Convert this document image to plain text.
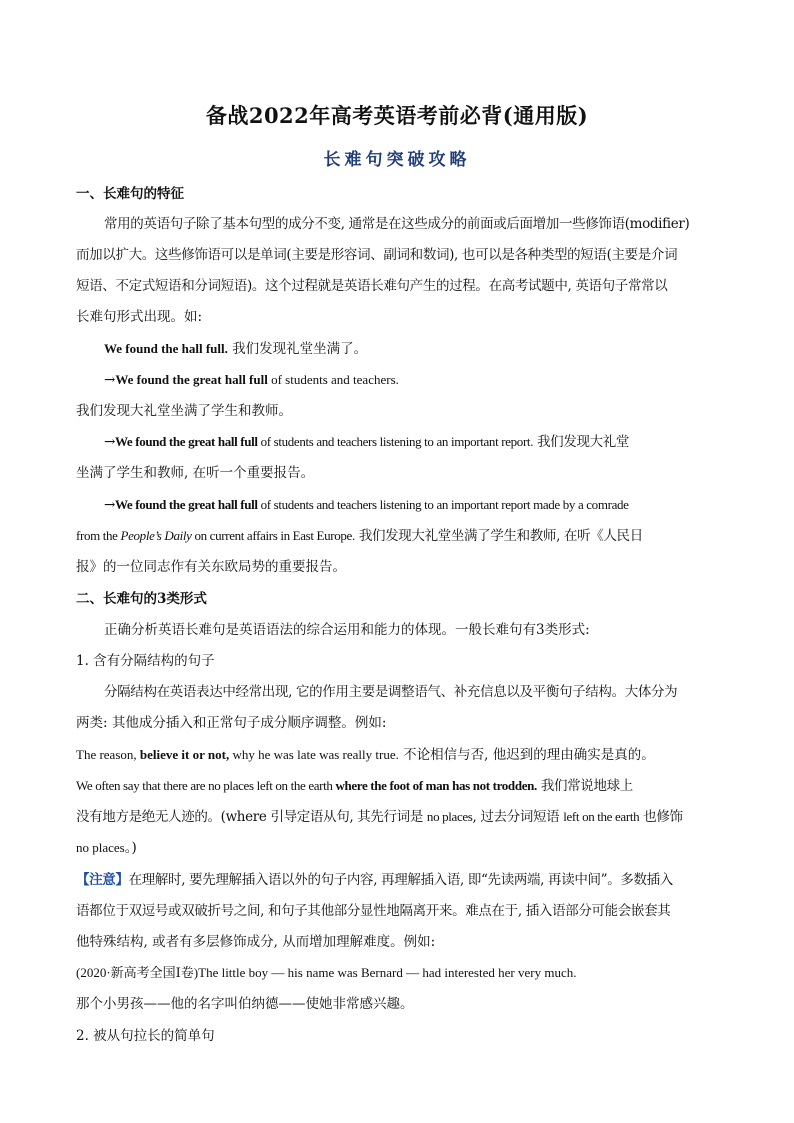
备战2022年高考英语考前必背(通用版)
长难句突破攻略
一、长难句的特征
常用的英语句子除了基本句型的成分不变, 通常是在这些成分的前面或后面增加一些修饰语(modifier)
而加以扩大。这些修饰语可以是单词(主要是形容词、副词和数词), 也可以是各种类型的短语(主要是介词
短语、不定式短语和分词短语)。这个过程就是英语长难句产生的过程。在高考试题中, 英语句子常常以
长难句形式出现。如:
We found the hall full. 我们发现礼堂坐满了。
→We found the great hall full of students and teachers.
我们发现大礼堂坐满了学生和教师。
→We found the great hall full of students and teachers listening to an important report. 我们发现大礼堂
坐满了学生和教师, 在听一个重要报告。
→We found the great hall full of students and teachers listening to an important report made by a comrade
from the People’s Daily on current affairs in East Europe. 我们发现大礼堂坐满了学生和教师, 在听《人民日
报》的一位同志作有关东欧局势的重要报告。
二、长难句的3类形式
正确分析英语长难句是英语语法的综合运用和能力的体现。一般长难句有3类形式:
1. 含有分隔结构的句子
分隔结构在英语表达中经常出现, 它的作用主要是调整语气、补充信息以及平衡句子结构。大体分为
两类: 其他成分插入和正常句子成分顺序调整。例如:
The reason, believe it or not, why he was late was really true. 不论相信与否, 他迟到的理由确实是真的。
We often say that there are no places left on the earth where the foot of man has not trodden. 我们常说地球上
没有地方是绝无人迹的。(where 引导定语从句, 其先行词是 no places, 过去分词短语 left on the earth 也修饰
no places。)
【注意】在理解时, 要先理解插入语以外的句子内容, 再理解插入语, 即“先读两端, 再读中间”。多数插入
语都位于双逗号或双破折号之间, 和句子其他部分显性地隔离开来。难点在于, 插入语部分可能会嵌套其
他特殊结构, 或者有多层修饰成分, 从而增加理解难度。例如:
(2020·新高考全国Ⅰ卷)The little boy — his name was Bernard — had interested her very much.
那个小男孩——他的名字叫伯纳德——使她非常感兴趣。
2. 被从句拉长的简单句
